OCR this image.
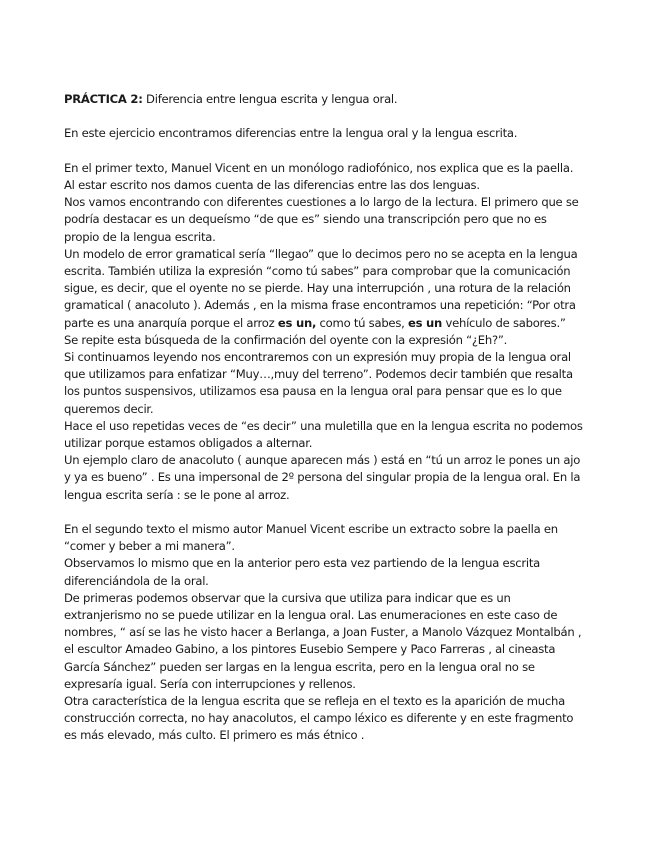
PRÁCTICA 2: Diferencia entre lengua escrita y lengua oral.

En este ejercicio encontramos diferencias entre la lengua oral y la lengua escrita.

En el primer texto, Manuel Vicent en un monólogo radiofónico, nos explica que es la paella. Al estar escrito nos damos cuenta de las diferencias entre las dos lenguas.

Nos vamos encontrando con diferentes cuestiones a lo largo de la lectura. El primero que se podría destacar es un dequeísmo “de que es” siendo una transcripción pero que no es propio de la lengua escrita.

Un modelo de error gramatical sería “llegao” que lo decimos pero no se acepta en la lengua escrita. También utiliza la expresión “como tú sabes” para comprobar que la comunicación sigue, es decir, que el oyente no se pierde. Hay una interrupción , una rotura de la relación gramatical ( anacoluto ). Además , en la misma frase encontramos una repetición: “Por otra parte es una anarquía porque el arroz es un, como tú sabes, es un vehículo de sabores.”

Se repite esta búsqueda de la confirmación del oyente con la expresión “¿Eh?”.

Si continuamos leyendo nos encontraremos con un expresión muy propia de la lengua oral que utilizamos para enfatizar “Muy…,muy del terreno”. Podemos decir también que resalta los puntos suspensivos, utilizamos esa pausa en la lengua oral para pensar que es lo que queremos decir.

Hace el uso repetidas veces de “es decir” una muletilla que en la lengua escrita no podemos utilizar porque estamos obligados a alternar.

Un ejemplo claro de anacoluto ( aunque aparecen más ) está en “tú un arroz le pones un ajo y ya es bueno” . Es una impersonal de 2º persona del singular propia de la lengua oral. En la lengua escrita sería : se le pone al arroz.

En el segundo texto el mismo autor Manuel Vicent escribe un extracto sobre la paella en “comer y beber a mi manera”.

Observamos lo mismo que en la anterior pero esta vez partiendo de la lengua escrita diferenciándola de la oral.

De primeras podemos observar que la cursiva que utiliza para indicar que es un extranjerismo no se puede utilizar en la lengua oral. Las enumeraciones en este caso de nombres, “ así se las he visto hacer a Berlanga, a Joan Fuster, a Manolo Vázquez Montalbán , el escultor Amadeo Gabino, a los pintores Eusebio Sempere y Paco Farreras , al cineasta García Sánchez” pueden ser largas en la lengua escrita, pero en la lengua oral no se expresaría igual. Sería con interrupciones y rellenos.

Otra característica de la lengua escrita que se refleja en el texto es la aparición de mucha construcción correcta, no hay anacolutos, el campo léxico es diferente y en este fragmento es más elevado, más culto. El primero es más étnico .
